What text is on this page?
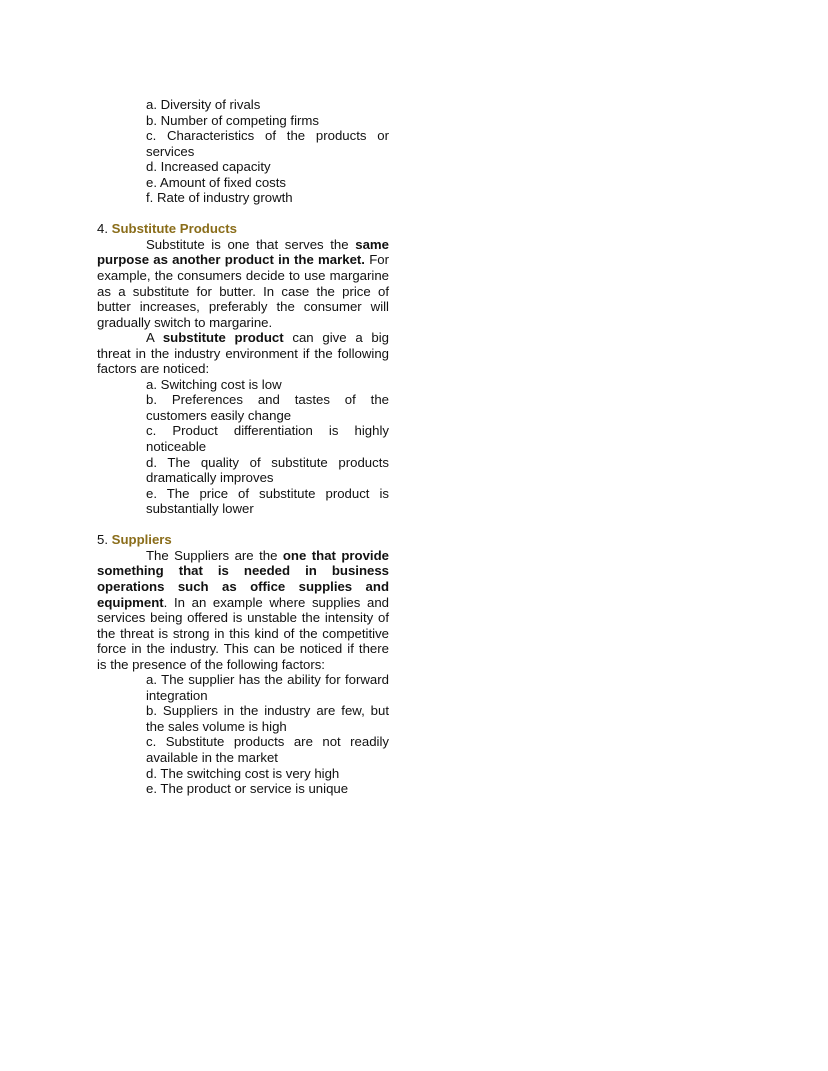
a. Diversity of rivals
b. Number of competing firms
c. Characteristics of the products or services
d. Increased capacity
e. Amount of fixed costs
f. Rate of industry growth
4. Substitute Products

Substitute is one that serves the same purpose as another product in the market. For example, the consumers decide to use margarine as a substitute for butter. In case the price of butter increases, preferably the consumer will gradually switch to margarine.

A substitute product can give a big threat in the industry environment if the following factors are noticed:

a. Switching cost is low
b. Preferences and tastes of the customers easily change
c. Product differentiation is highly noticeable
d. The quality of substitute products dramatically improves
e. The price of substitute product is substantially lower
5. Suppliers

The Suppliers are the one that provide something that is needed in business operations such as office supplies and equipment. In an example where supplies and services being offered is unstable the intensity of the threat is strong in this kind of the competitive force in the industry. This can be noticed if there is the presence of the following factors:

a. The supplier has the ability for forward integration
b. Suppliers in the industry are few, but the sales volume is high
c. Substitute products are not readily available in the market
d. The switching cost is very high
e. The product or service is unique
